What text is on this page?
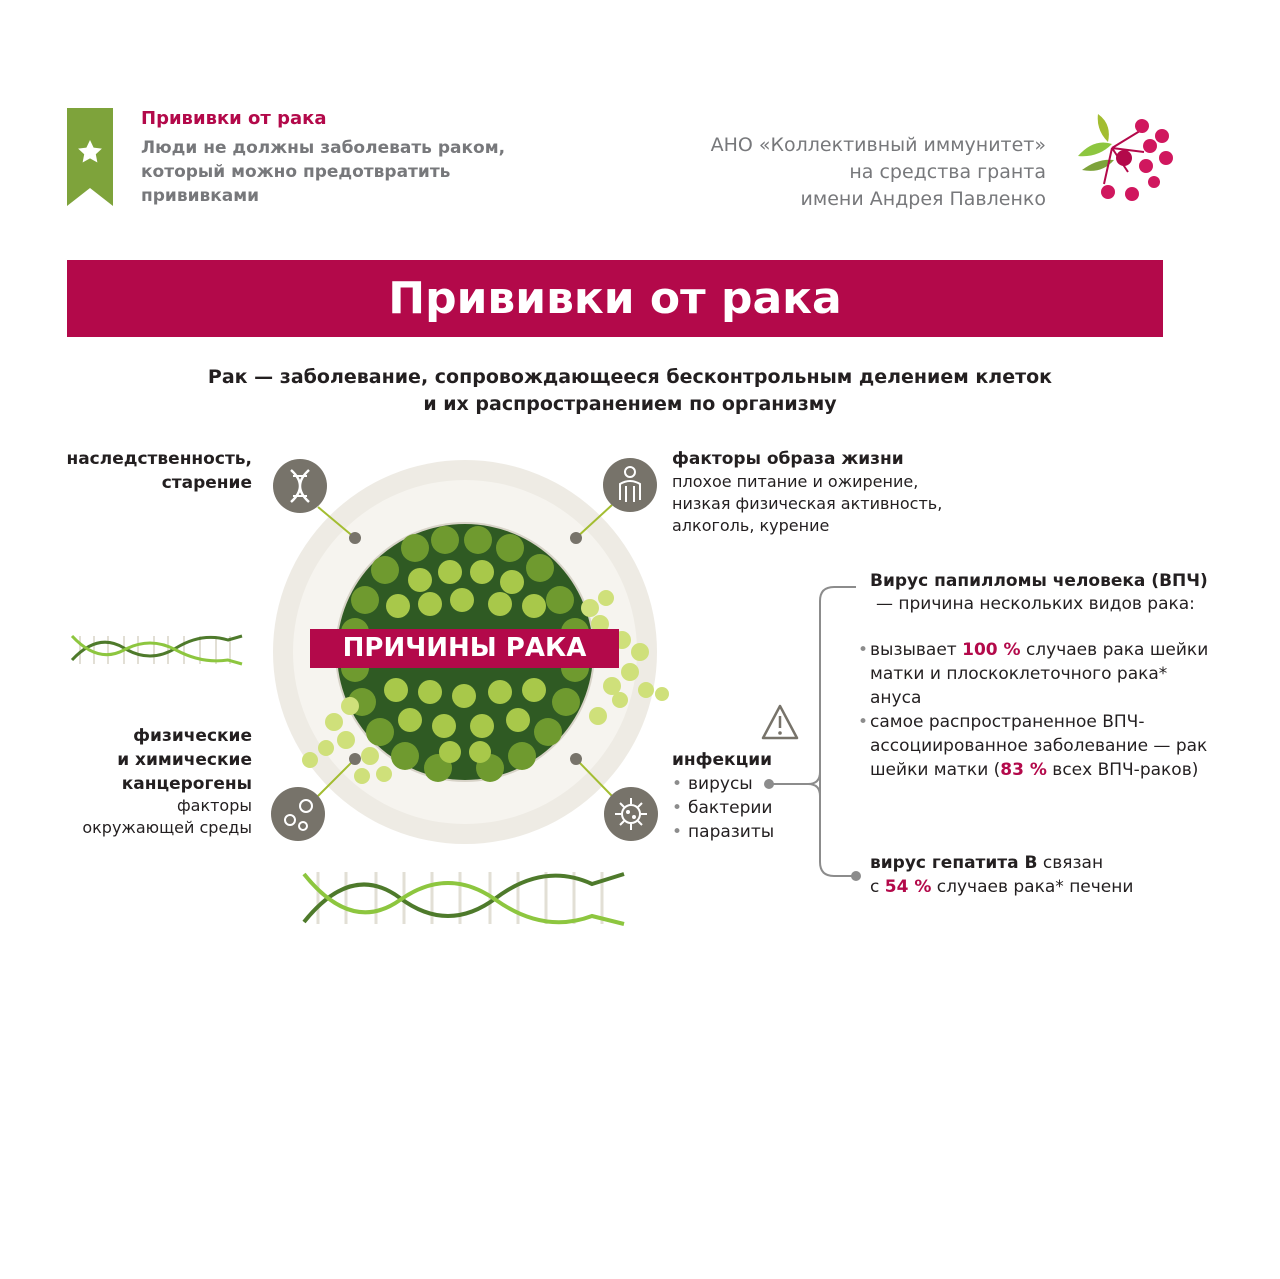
Прививки от рака
Люди не должны заболевать раком,
который можно предотвратить
прививками
АНО «Коллективный иммунитет»
на средства гранта
имени Андрея Павленко
Прививки от рака
Рак — заболевание, сопровождающееся бесконтрольным делением клеток
и их распространением по организму
ПРИЧИНЫ РАКА
наследственность,
старение
факторы образа жизни
плохое питание и ожирение,
низкая физическая активность,
алкоголь, курение
физические
и химические
канцерогены
факторы
окружающей среды
инфекции
• вирусы
• бактерии
• паразиты
Вирус папилломы человека (ВПЧ)
— причина нескольких видов рака:
• вызывает 100 % случаев рака шейки матки и плоскоклеточного рака* ануса
• самое распространенное ВПЧ-ассоциированное заболевание — рак шейки матки (83 % всех ВПЧ-раков)
вирус гепатита B связан
с 54 % случаев рака* печени
